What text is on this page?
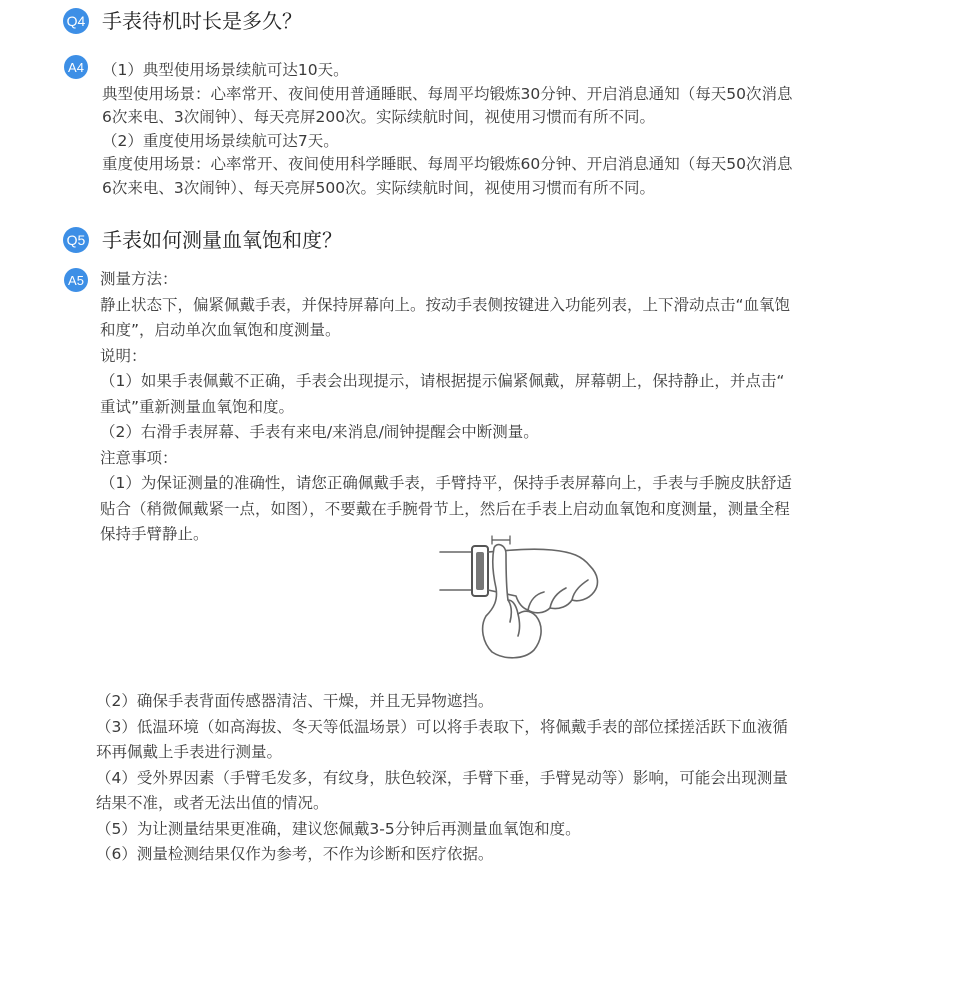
Q4 手表待机时长是多久？
A4 （1）典型使用场景续航可达10天。
典型使用场景：心率常开、夜间使用普通睡眠、每周平均锻炼30分钟、开启消息通知（每天50次消息
6次来电、3次闹钟）、每天亮屏200次。实际续航时间，视使用习惯而有所不同。
（2）重度使用场景续航可达7天。
重度使用场景：心率常开、夜间使用科学睡眠、每周平均锻炼60分钟、开启消息通知（每天50次消息
6次来电、3次闹钟）、每天亮屏500次。实际续航时间，视使用习惯而有所不同。
Q5 手表如何测量血氧饱和度？
A5 测量方法：
静止状态下，偏紧佩戴手表，并保持屏幕向上。按动手表侧按键进入功能列表，上下滑动点击“血氧饱
和度”，启动单次血氧饱和度测量。
说明：
（1）如果手表佩戴不正确，手表会出现提示，请根据提示偏紧佩戴，屏幕朝上，保持静止，并点击“
重试”重新测量血氧饱和度。
（2）右滑手表屏幕、手表有来电/来消息/闹钟提醒会中断测量。
注意事项：
（1）为保证测量的准确性，请您正确佩戴手表，手臂持平，保持手表屏幕向上，手表与手腕皮肤舒适
贴合（稍微佩戴紧一点，如图），不要戴在手腕骨节上，然后在手表上启动血氧饱和度测量，测量全程
保持手臂静止。
（2）确保手表背面传感器清洁、干燥，并且无异物遮挡。
（3）低温环境（如高海拔、冬天等低温场景）可以将手表取下，将佩戴手表的部位揉搓活跃下血液循
环再佩戴上手表进行测量。
（4）受外界因素（手臂毛发多，有纹身，肤色较深，手臂下垂，手臂晃动等）影响，可能会出现测量
结果不准，或者无法出值的情况。
（5）为让测量结果更准确，建议您佩戴3-5分钟后再测量血氧饱和度。
（6）测量检测结果仅作为参考，不作为诊断和医疗依据。
